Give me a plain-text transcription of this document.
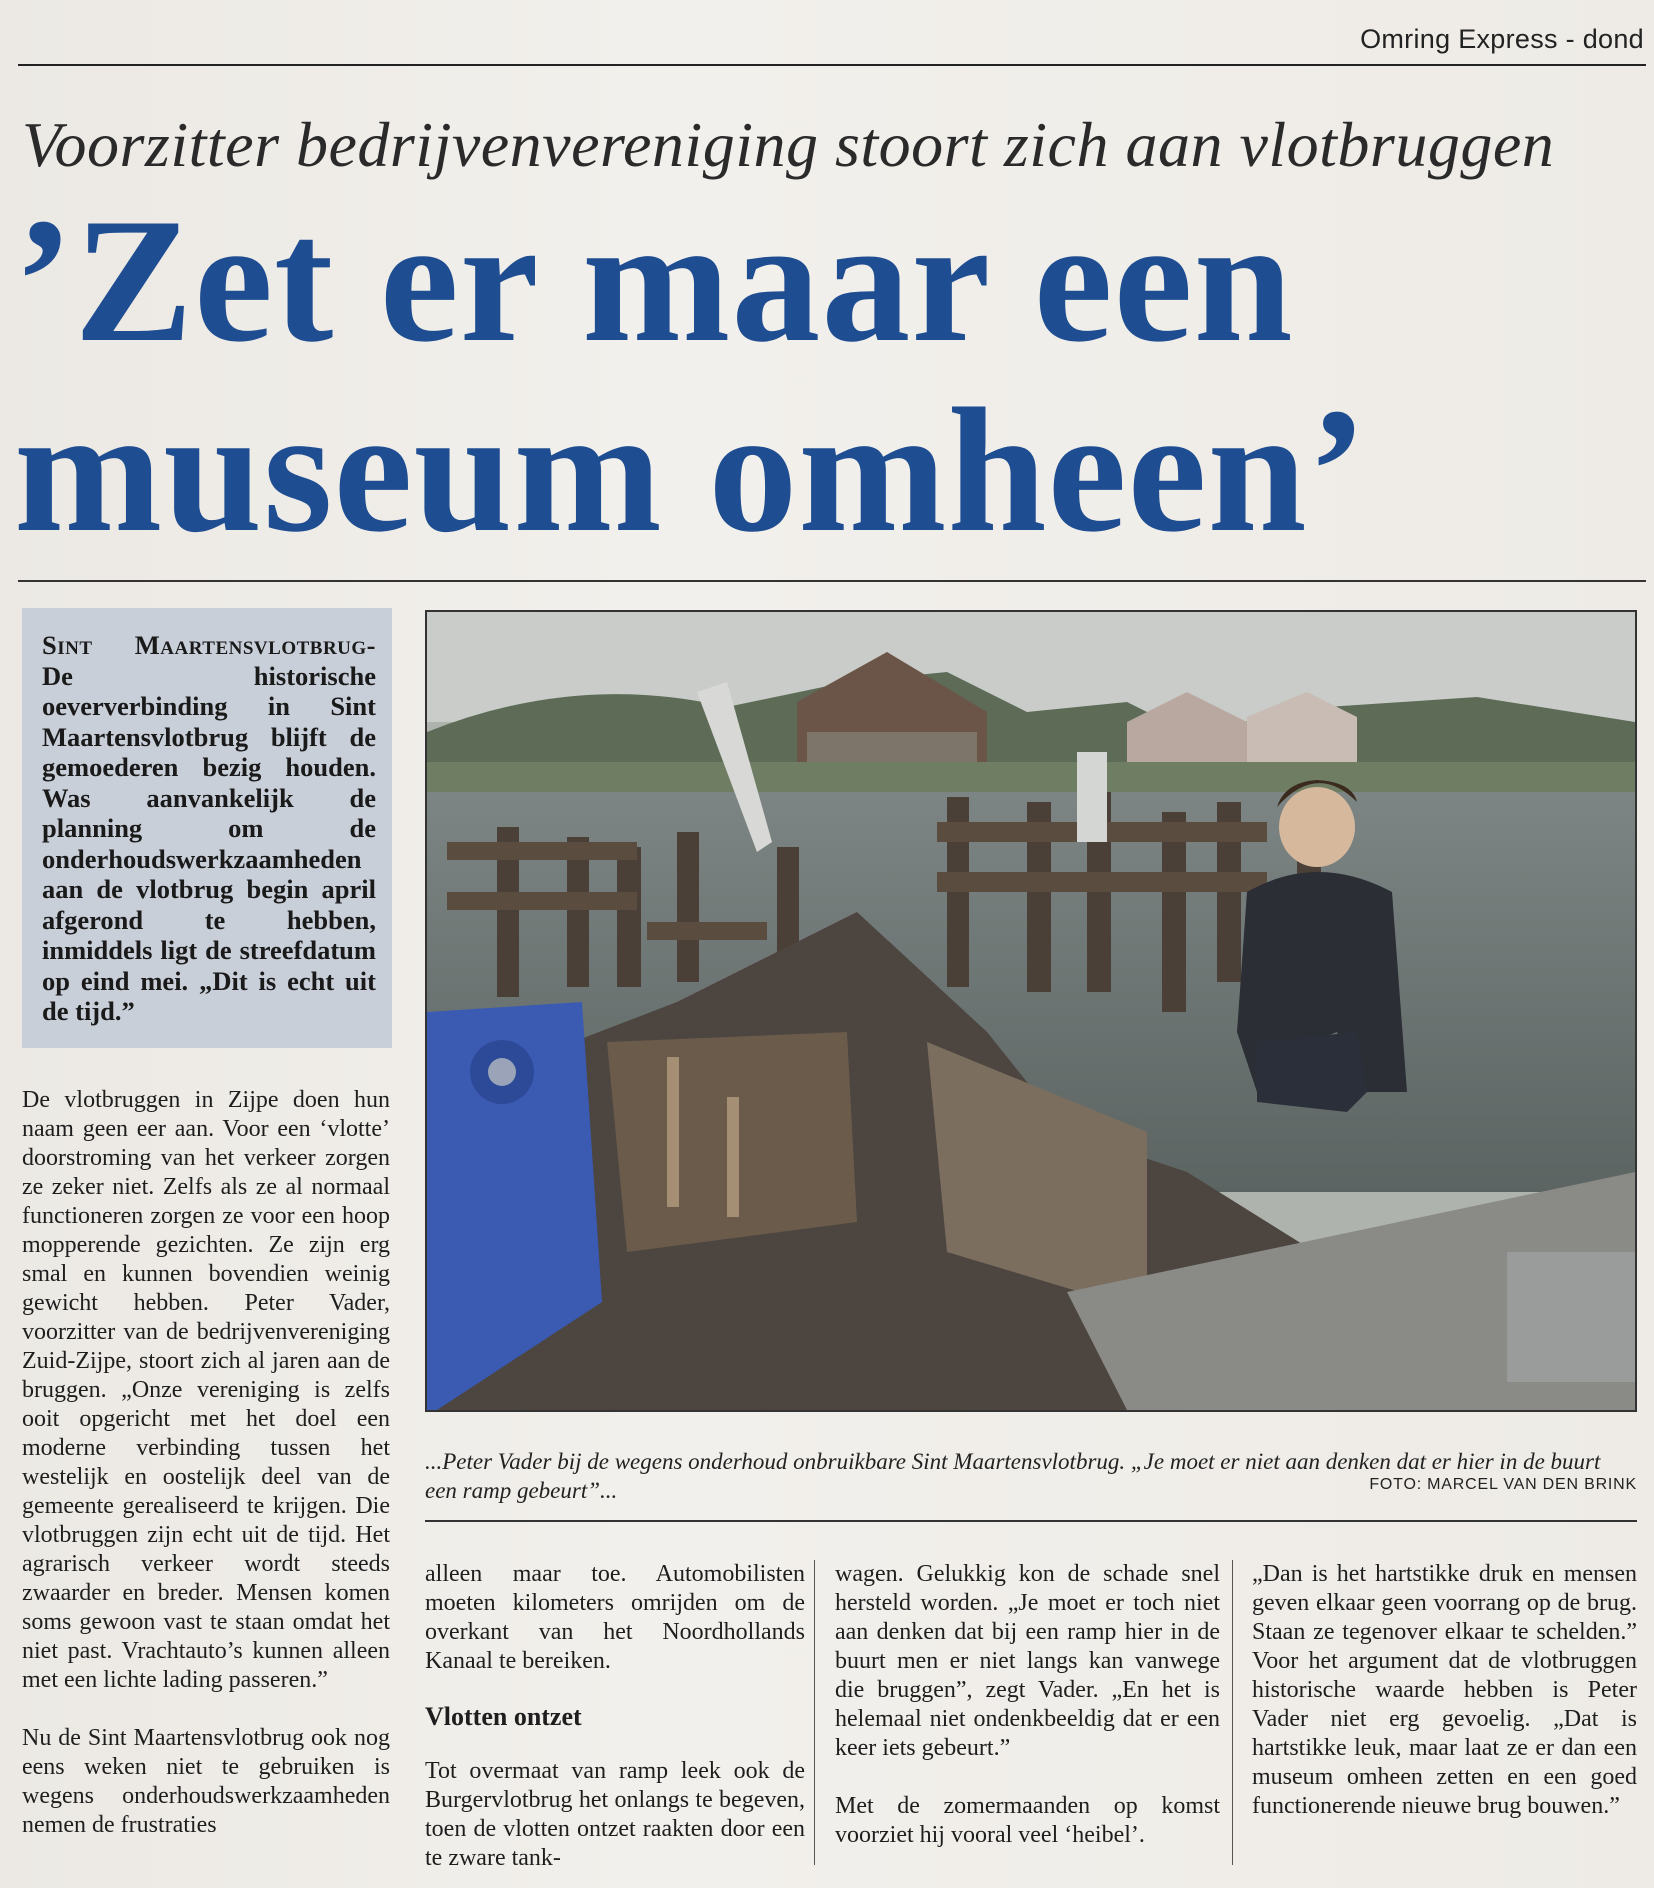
Omring Express - dond
Voorzitter bedrijvenvereniging stoort zich aan vlotbruggen
’Zet er maar een
museum omheen’
Sint Maartensvlotbrug- De historische oeververbinding in Sint Maartensvlotbrug blijft de gemoederen bezig houden. Was aanvankelijk de planning om de onderhoudswerkzaamheden aan de vlotbrug begin april afgerond te hebben, inmiddels ligt de streefdatum op eind mei. „Dit is echt uit de tijd.”

De vlotbruggen in Zijpe doen hun naam geen eer aan. Voor een ‘vlotte’ doorstroming van het verkeer zorgen ze zeker niet. Zelfs als ze al normaal functioneren zorgen ze voor een hoop mopperende gezichten. Ze zijn erg smal en kunnen bovendien weinig gewicht hebben. Peter Vader, voorzitter van de bedrijvenvereniging Zuid-Zijpe, stoort zich al jaren aan de bruggen. „Onze vereniging is zelfs ooit opgericht met het doel een moderne verbinding tussen het westelijk en oostelijk deel van de gemeente gerealiseerd te krijgen. Die vlotbruggen zijn echt uit de tijd. Het agrarisch verkeer wordt steeds zwaarder en breder. Mensen komen soms gewoon vast te staan omdat het niet past. Vrachtauto’s kunnen alleen met een lichte lading passeren.”

Nu de Sint Maartensvlotbrug ook nog eens weken niet te gebruiken is wegens onderhoudswerkzaamheden nemen de frustraties

...Peter Vader bij de wegens onderhoud onbruikbare Sint Maartensvlotbrug. „Je moet er niet aan denken dat er hier in de buurt een ramp gebeurt”...	FOTO: MARCEL VAN DEN BRINK

alleen maar toe. Automobilisten moeten kilometers omrijden om de overkant van het Noordhollands Kanaal te bereiken.

Vlotten ontzet

Tot overmaat van ramp leek ook de Burgervlotbrug het onlangs te begeven, toen de vlotten ontzet raakten door een te zware tank-

wagen. Gelukkig kon de schade snel hersteld worden. „Je moet er toch niet aan denken dat bij een ramp hier in de buurt men er niet langs kan vanwege die bruggen”, zegt Vader. „En het is helemaal niet ondenkbeeldig dat er een keer iets gebeurt.”

Met de zomermaanden op komst voorziet hij vooral veel ‘heibel’.

„Dan is het hartstikke druk en mensen geven elkaar geen voorrang op de brug. Staan ze tegenover elkaar te schelden.” Voor het argument dat de vlotbruggen historische waarde hebben is Peter Vader niet erg gevoelig. „Dat is hartstikke leuk, maar laat ze er dan een museum omheen zetten en een goed functionerende nieuwe brug bouwen.”
